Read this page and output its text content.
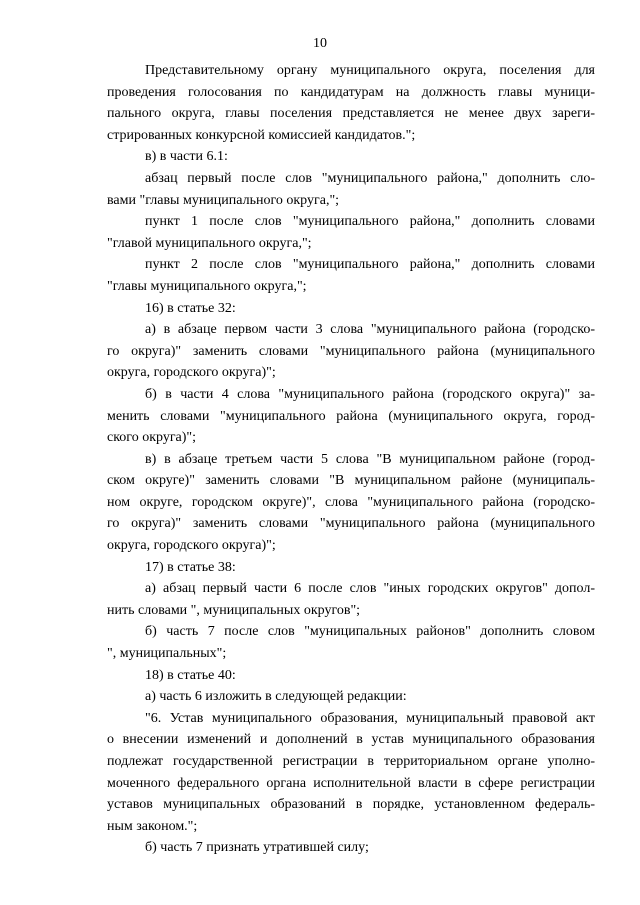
10
Представительному органу муниципального округа, поселения для
проведения голосования по кандидатурам на должность главы муници-
пального округа, главы поселения представляется не менее двух зареги-
стрированных конкурсной комиссией кандидатов.";
в) в части 6.1:
абзац первый после слов "муниципального района," дополнить сло-
вами "главы муниципального округа,";
пункт 1 после слов "муниципального района," дополнить словами
"главой муниципального округа,";
пункт 2 после слов "муниципального района," дополнить словами
"главы муниципального округа,";
16) в статье 32:
а) в абзаце первом части 3 слова "муниципального района (городско-
го округа)" заменить словами "муниципального района (муниципального
округа, городского округа)";
б) в части 4 слова "муниципального района (городского округа)" за-
менить словами "муниципального района (муниципального округа, город-
ского округа)";
в) в абзаце третьем части 5 слова "В муниципальном районе (город-
ском округе)" заменить словами "В муниципальном районе (муниципаль-
ном округе, городском округе)", слова "муниципального района (городско-
го округа)" заменить словами "муниципального района (муниципального
округа, городского округа)";
17) в статье 38:
а) абзац первый части 6 после слов "иных городских округов" допол-
нить словами ", муниципальных округов";
б) часть 7 после слов "муниципальных районов" дополнить словом
", муниципальных";
18) в статье 40:
а) часть 6 изложить в следующей редакции:
"6. Устав муниципального образования, муниципальный правовой акт
о внесении изменений и дополнений в устав муниципального образования
подлежат государственной регистрации в территориальном органе уполно-
моченного федерального органа исполнительной власти в сфере регистрации
уставов муниципальных образований в порядке, установленном федераль-
ным законом.";
б) часть 7 признать утратившей силу;
